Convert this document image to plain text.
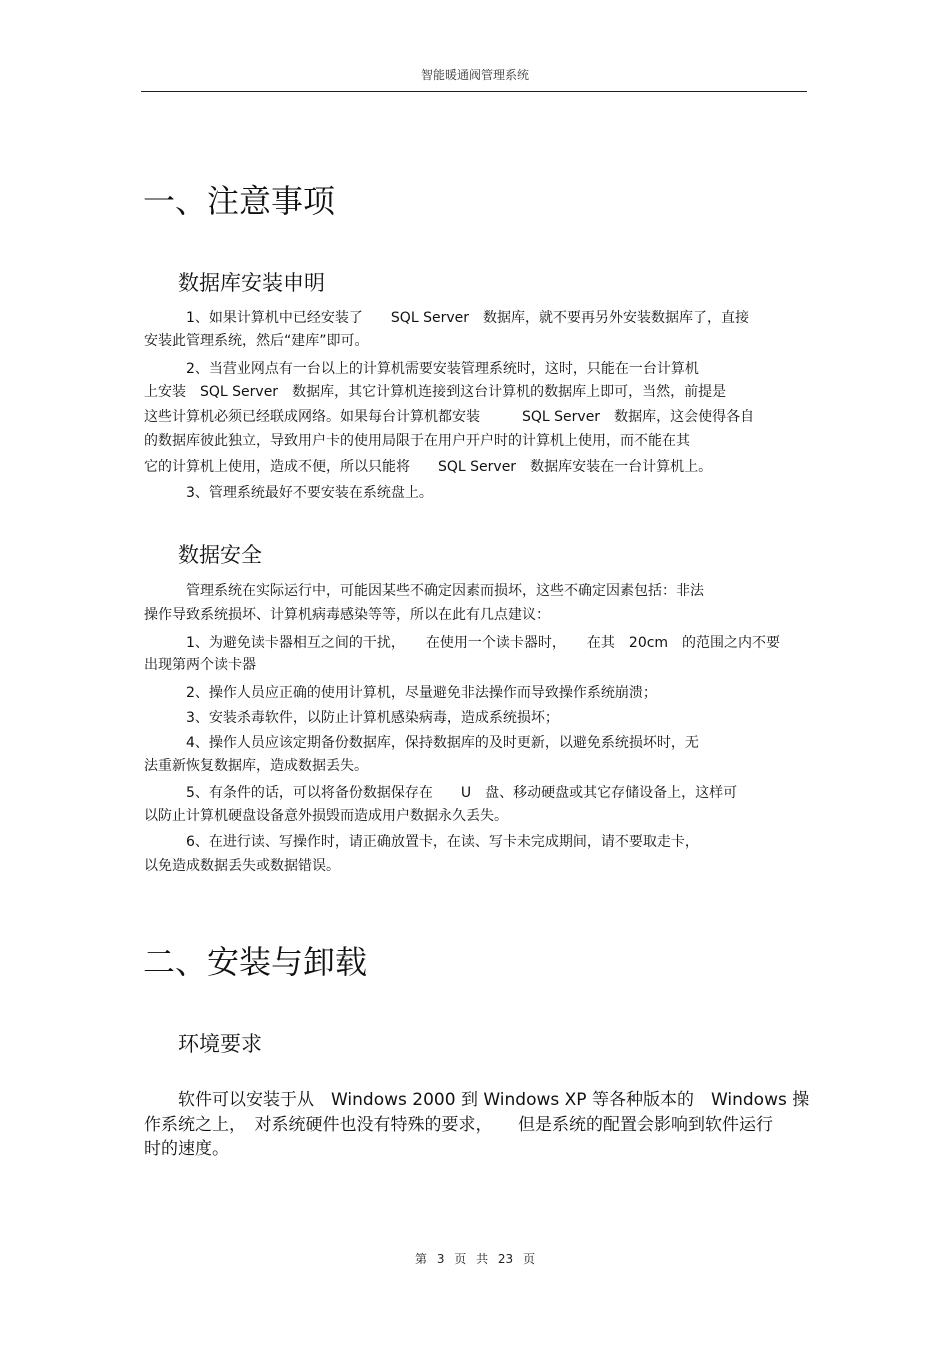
智能暖通阀管理系统
一、注意事项
数据库安装申明
1、如果计算机中已经安装了　　SQL Server　数据库，就不要再另外安装数据库了，直接
安装此管理系统，然后“建库”即可。
2、当营业网点有一台以上的计算机需要安装管理系统时，这时，只能在一台计算机
上安装　SQL Server　数据库，其它计算机连接到这台计算机的数据库上即可，当然，前提是
这些计算机必须已经联成网络。如果每台计算机都安装　　　SQL Server　数据库，这会使得各自
的数据库彼此独立，导致用户卡的使用局限于在用户开户时的计算机上使用，而不能在其
它的计算机上使用，造成不便，所以只能将　　SQL Server　数据库安装在一台计算机上。
3、管理系统最好不要安装在系统盘上。
数据安全
管理系统在实际运行中，可能因某些不确定因素而损坏，这些不确定因素包括：非法
操作导致系统损坏、计算机病毒感染等等，所以在此有几点建议：
1、为避免读卡器相互之间的干扰，　　在使用一个读卡器时，　　在其　20cm　的范围之内不要
出现第两个读卡器
2、操作人员应正确的使用计算机，尽量避免非法操作而导致操作系统崩溃；
3、安装杀毒软件，以防止计算机感染病毒，造成系统损坏；
4、操作人员应该定期备份数据库，保持数据库的及时更新，以避免系统损坏时，无
法重新恢复数据库，造成数据丢失。
5、有条件的话，可以将备份数据保存在　　U　盘、移动硬盘或其它存储设备上，这样可
以防止计算机硬盘设备意外损毁而造成用户数据永久丢失。
6、在进行读、写操作时，请正确放置卡，在读、写卡未完成期间，请不要取走卡，
以免造成数据丢失或数据错误。
二、安装与卸载
环境要求
软件可以安装于从　Windows 2000 到 Windows XP 等各种版本的　Windows 操
作系统之上，　对系统硬件也没有特殊的要求，　　但是系统的配置会影响到软件运行
时的速度。
第 3 页 共 23 页
